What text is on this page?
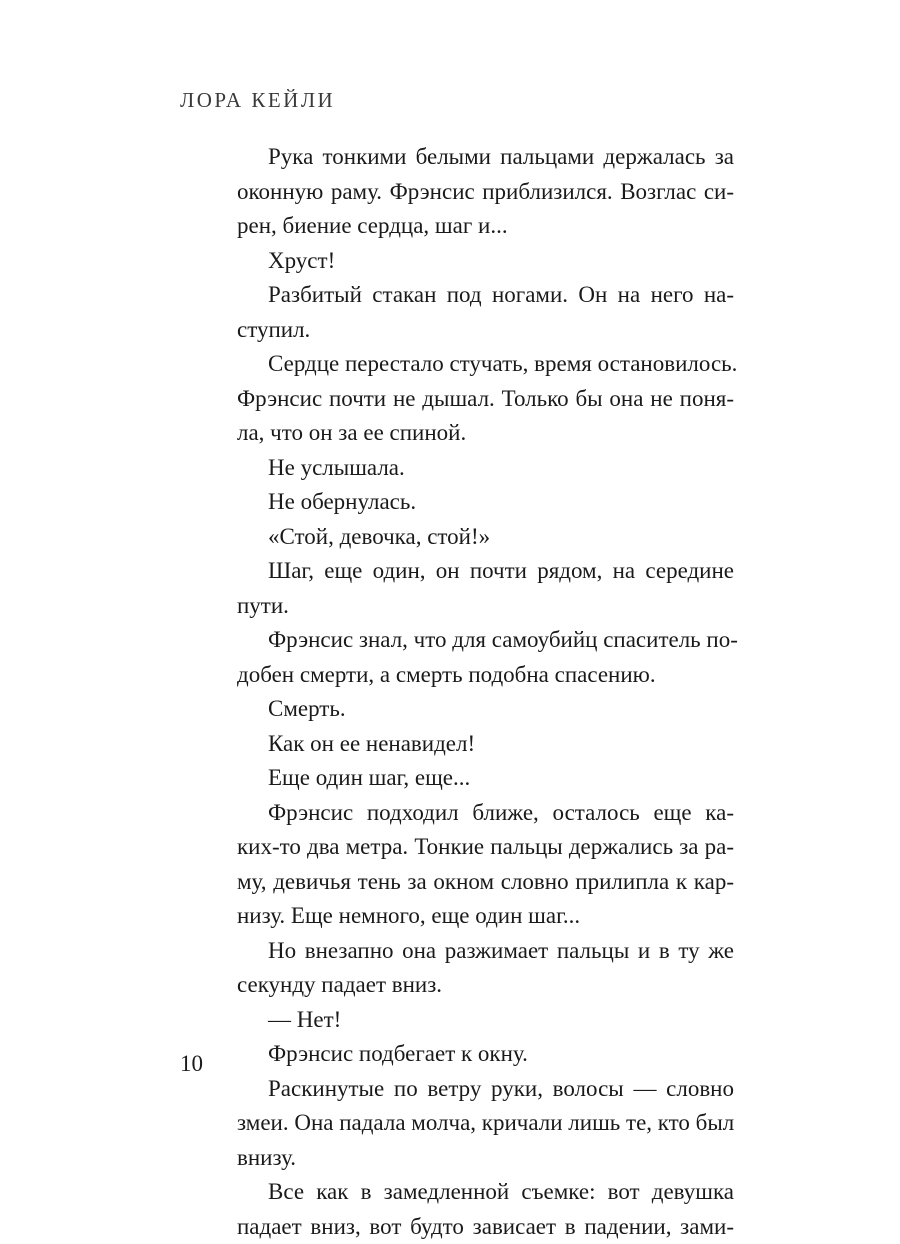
ЛОРА КЕЙЛИ
Рука тонкими белыми пальцами держалась за
оконную раму. Фрэнсис приблизился. Возглас си-
рен, биение сердца, шаг и...
Хруст!
Разбитый стакан под ногами. Он на него на-
ступил.
Сердце перестало стучать, время остановилось.
Фрэнсис почти не дышал. Только бы она не поня-
ла, что он за ее спиной.
Не услышала.
Не обернулась.
«Стой, девочка, стой!»
Шаг, еще один, он почти рядом, на середине
пути.
Фрэнсис знал, что для самоубийц спаситель по-
добен смерти, а смерть подобна спасению.
Смерть.
Как он ее ненавидел!
Еще один шаг, еще...
Фрэнсис подходил ближе, осталось еще ка-
ких-то два метра. Тонкие пальцы держались за ра-
му, девичья тень за окном словно прилипла к кар-
низу. Еще немного, еще один шаг...
Но внезапно она разжимает пальцы и в ту же
секунду падает вниз.
— Нет!
Фрэнсис подбегает к окну.
Раскинутые по ветру руки, волосы — словно
змеи. Она падала молча, кричали лишь те, кто был
внизу.
Все как в замедленной съемке: вот девушка
падает вниз, вот будто зависает в падении, зами-
10
